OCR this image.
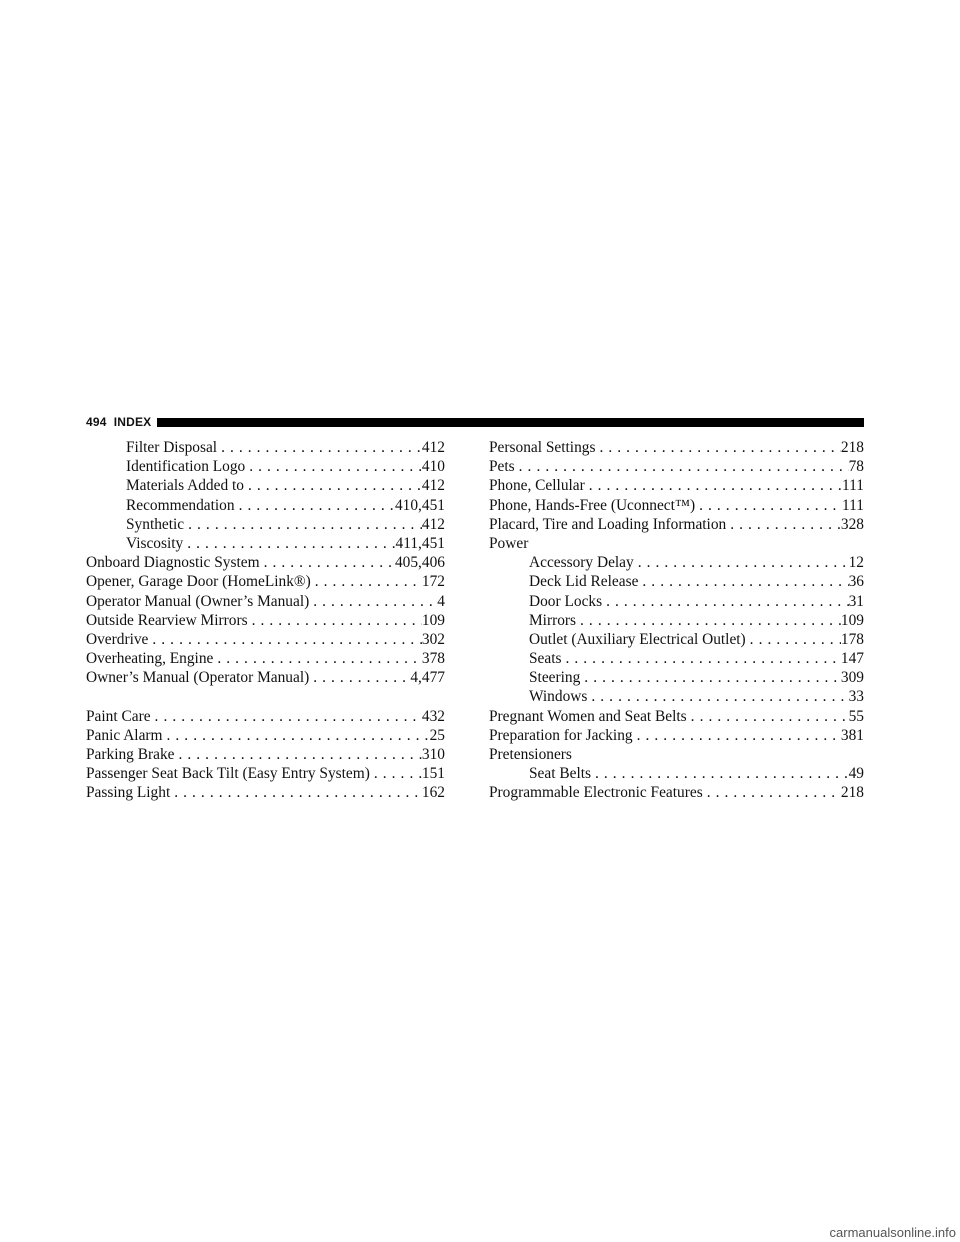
494
INDEX
Filter Disposal . . .	412
Identification Logo . . .	410
Materials Added to . . .	412
Recommendation . . .	410,451
Synthetic . . .	412
Viscosity . . .	411,451
Onboard Diagnostic System . . .	405,406
Opener, Garage Door (HomeLink®) . . .	172
Operator Manual (Owner’s Manual) . . .	4
Outside Rearview Mirrors . . .	109
Overdrive . . .	302
Overheating, Engine . . .	378
Owner’s Manual (Operator Manual) . . .	4,477
Paint Care . . .	432
Panic Alarm . . .	25
Parking Brake . . .	310
Passenger Seat Back Tilt (Easy Entry System) . . .	151
Passing Light . . .	162
Personal Settings . . .	218
Pets . . .	78
Phone, Cellular . . .	111
Phone, Hands-Free (Uconnect™) . . .	111
Placard, Tire and Loading Information . . .	328
Power
Accessory Delay . . .	12
Deck Lid Release . . .	36
Door Locks . . .	31
Mirrors . . .	109
Outlet (Auxiliary Electrical Outlet) . . .	178
Seats . . .	147
Steering . . .	309
Windows . . .	33
Pregnant Women and Seat Belts . . .	55
Preparation for Jacking . . .	381
Pretensioners
Seat Belts . . .	49
Programmable Electronic Features . . .	218
carmanualsonline.info
